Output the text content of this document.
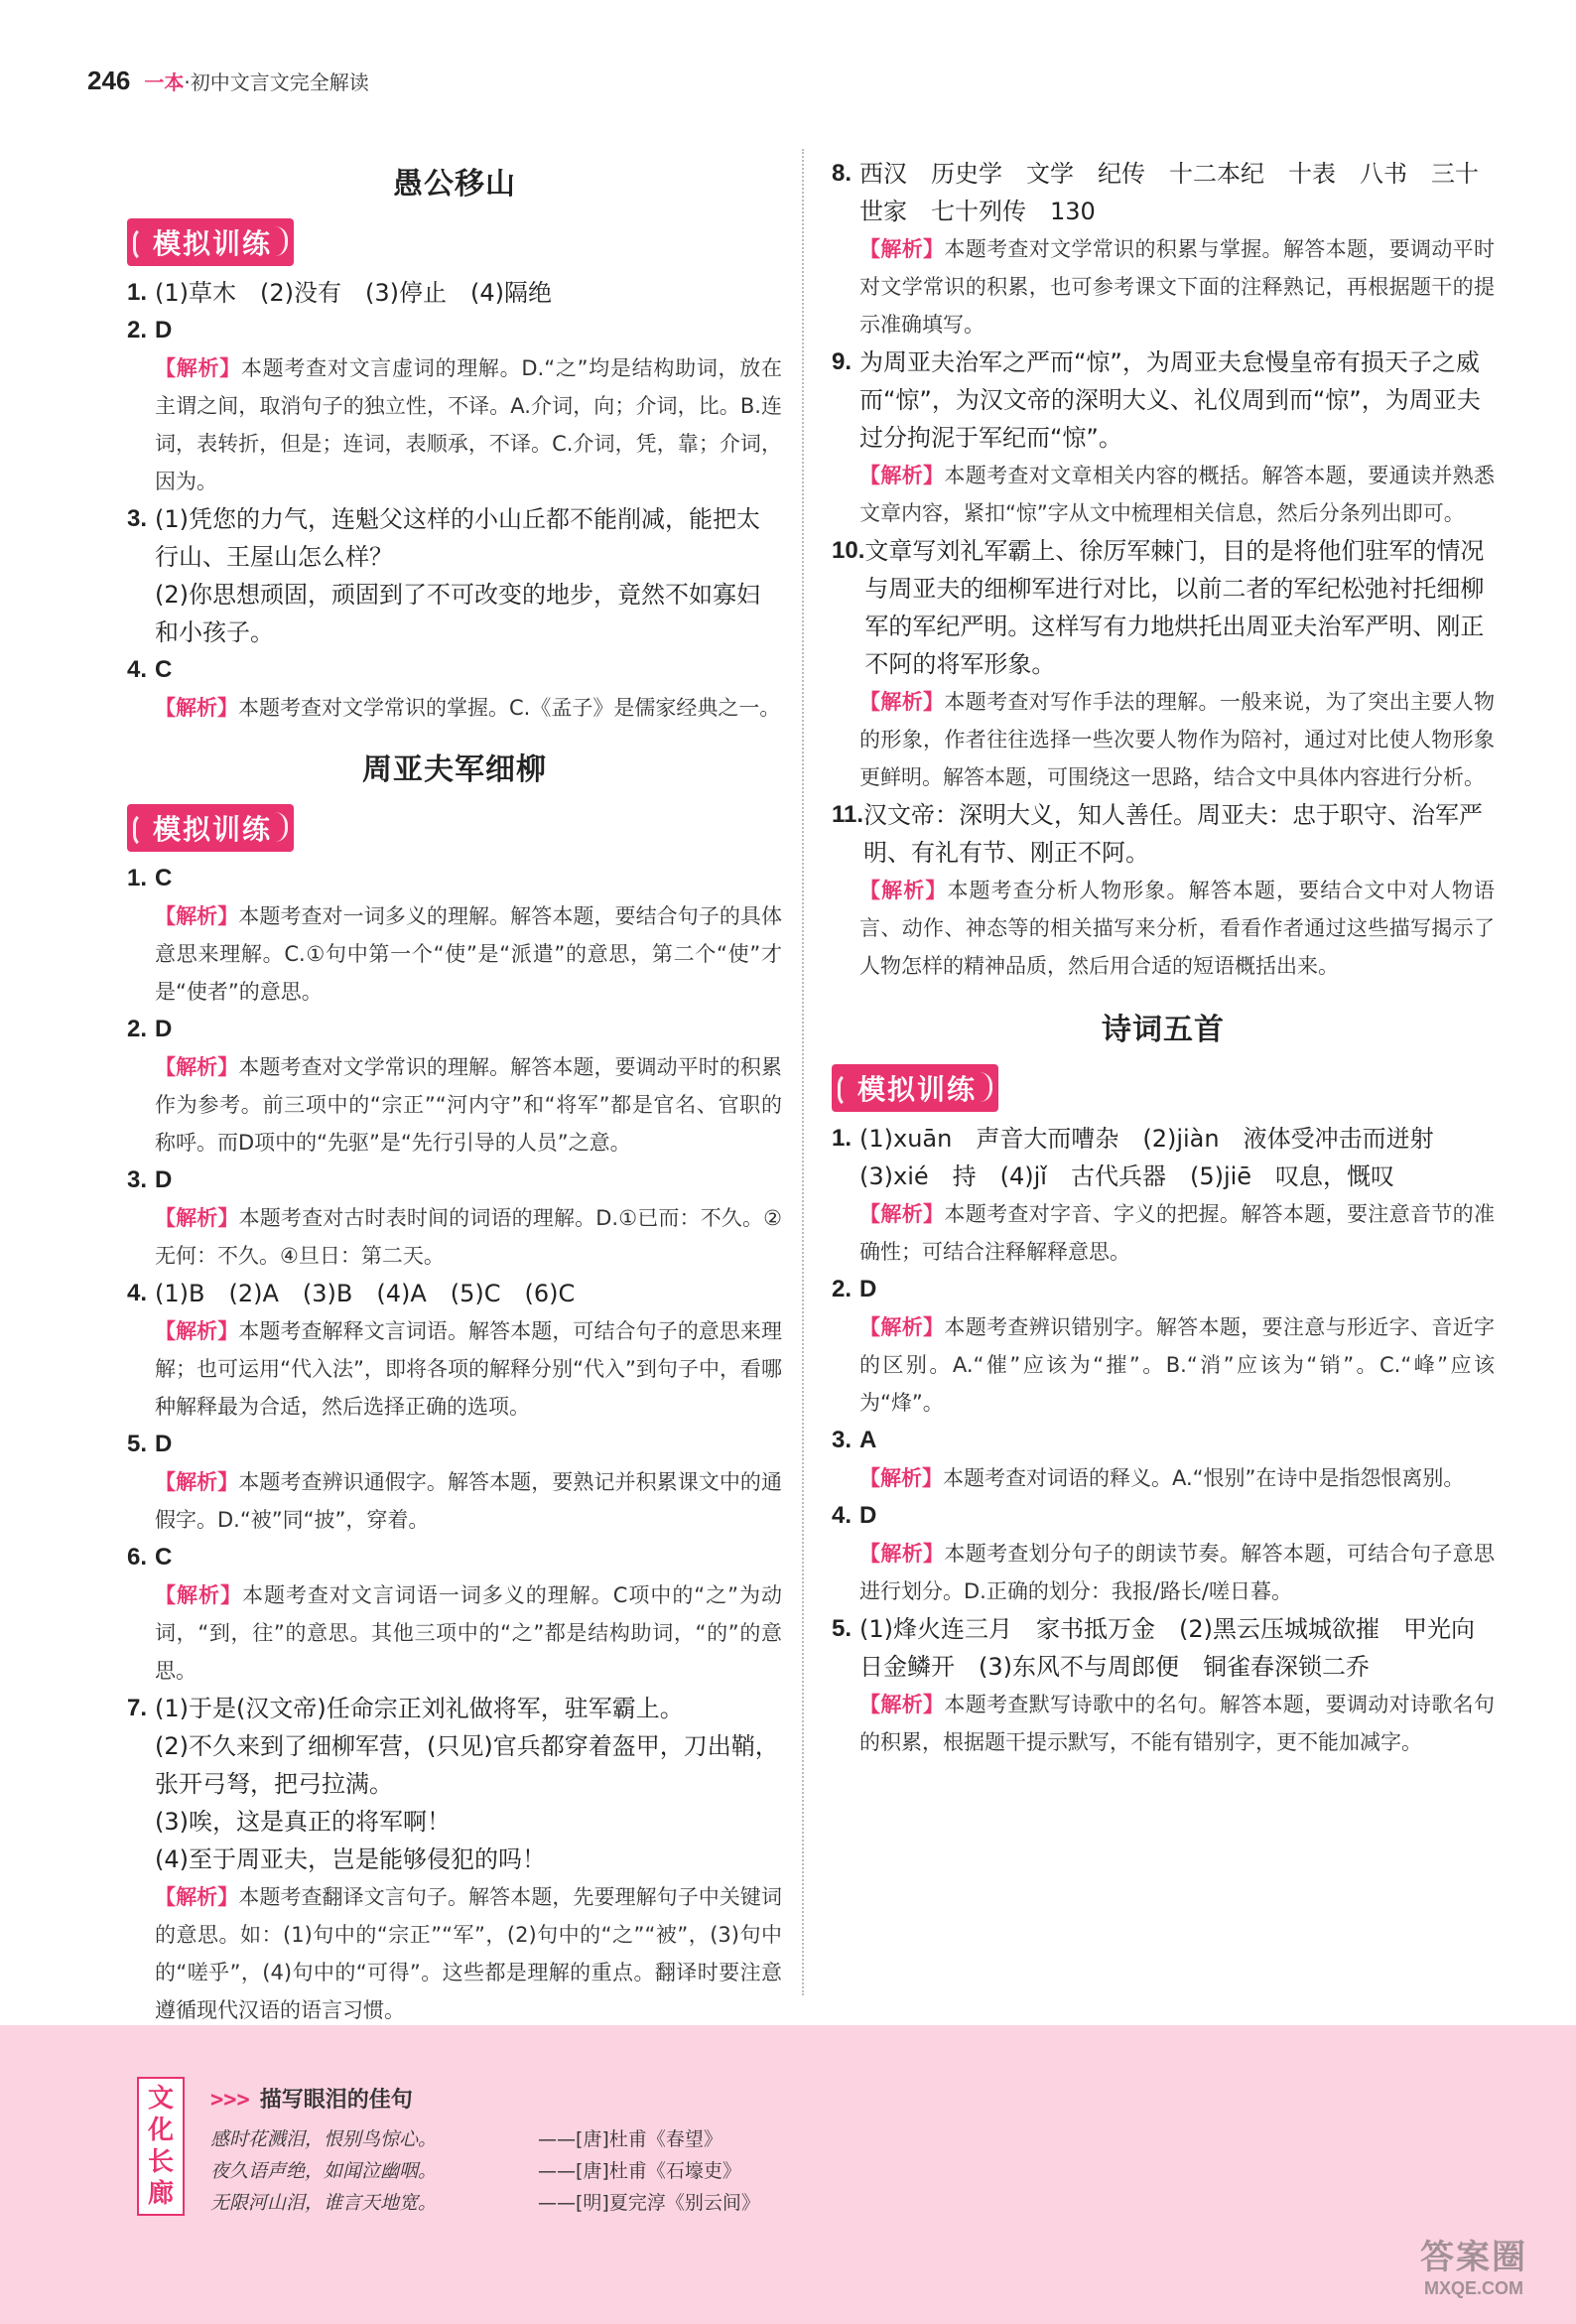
246 一本·初中文言文完全解读
愚公移山
模拟训练
1. (1)草木　(2)没有　(3)停止　(4)隔绝
2. D
【解析】本题考查对文言虚词的理解。D.“之”均是结构助词，放在主谓之间，取消句子的独立性，不译。A.介词，向；介词，比。B.连词，表转折，但是；连词，表顺承，不译。C.介词，凭，靠；介词，因为。
3. (1)凭您的力气，连魁父这样的小山丘都不能削减，能把太行山、王屋山怎么样？
(2)你思想顽固，顽固到了不可改变的地步，竟然不如寡妇和小孩子。
4. C
【解析】本题考查对文学常识的掌握。C.《孟子》是儒家经典之一。
周亚夫军细柳
模拟训练
1. C
【解析】本题考查对一词多义的理解。解答本题，要结合句子的具体意思来理解。C.①句中第一个“使”是“派遣”的意思，第二个“使”才是“使者”的意思。
2. D
【解析】本题考查对文学常识的理解。解答本题，要调动平时的积累作为参考。前三项中的“宗正”“河内守”和“将军”都是官名、官职的称呼。而D项中的“先驱”是“先行引导的人员”之意。
3. D
【解析】本题考查对古时表时间的词语的理解。D.①已而：不久。②无何：不久。④旦日：第二天。
4. (1)B　(2)A　(3)B　(4)A　(5)C　(6)C
【解析】本题考查解释文言词语。解答本题，可结合句子的意思来理解；也可运用“代入法”，即将各项的解释分别“代入”到句子中，看哪种解释最为合适，然后选择正确的选项。
5. D
【解析】本题考查辨识通假字。解答本题，要熟记并积累课文中的通假字。D.“被”同“披”，穿着。
6. C
【解析】本题考查对文言词语一词多义的理解。C项中的“之”为动词，“到，往”的意思。其他三项中的“之”都是结构助词，“的”的意思。
7. (1)于是(汉文帝)任命宗正刘礼做将军，驻军霸上。
(2)不久来到了细柳军营，(只见)官兵都穿着盔甲，刀出鞘，张开弓弩，把弓拉满。
(3)唉，这是真正的将军啊！
(4)至于周亚夫，岂是能够侵犯的吗！
【解析】本题考查翻译文言句子。解答本题，先要理解句子中关键词的意思。如：(1)句中的“宗正”“军”，(2)句中的“之”“被”，(3)句中的“嗟乎”，(4)句中的“可得”。这些都是理解的重点。翻译时要注意遵循现代汉语的语言习惯。
8. 西汉　历史学　文学　纪传　十二本纪　十表　八书　三十世家　七十列传　130
【解析】本题考查对文学常识的积累与掌握。解答本题，要调动平时对文学常识的积累，也可参考课文下面的注释熟记，再根据题干的提示准确填写。
9. 为周亚夫治军之严而“惊”，为周亚夫怠慢皇帝有损天子之威而“惊”，为汉文帝的深明大义、礼仪周到而“惊”，为周亚夫过分拘泥于军纪而“惊”。
【解析】本题考查对文章相关内容的概括。解答本题，要通读并熟悉文章内容，紧扣“惊”字从文中梳理相关信息，然后分条列出即可。
10. 文章写刘礼军霸上、徐厉军棘门，目的是将他们驻军的情况与周亚夫的细柳军进行对比，以前二者的军纪松弛衬托细柳军的军纪严明。这样写有力地烘托出周亚夫治军严明、刚正不阿的将军形象。
【解析】本题考查对写作手法的理解。一般来说，为了突出主要人物的形象，作者往往选择一些次要人物作为陪衬，通过对比使人物形象更鲜明。解答本题，可围绕这一思路，结合文中具体内容进行分析。
11. 汉文帝：深明大义，知人善任。周亚夫：忠于职守、治军严明、有礼有节、刚正不阿。
【解析】本题考查分析人物形象。解答本题，要结合文中对人物语言、动作、神态等的相关描写来分析，看看作者通过这些描写揭示了人物怎样的精神品质，然后用合适的短语概括出来。
诗词五首
模拟训练
1. (1)xuān　声音大而嘈杂　(2)jiàn　液体受冲击而迸射
(3)xié　持　(4)jǐ　古代兵器　(5)jiē　叹息，慨叹
【解析】本题考查对字音、字义的把握。解答本题，要注意音节的准确性；可结合注释解释意思。
2. D
【解析】本题考查辨识错别字。解答本题，要注意与形近字、音近字的区别。A.“催”应该为“摧”。B.“消”应该为“销”。C.“峰”应该为“烽”。
3. A
【解析】本题考查对词语的释义。A.“恨别”在诗中是指怨恨离别。
4. D
【解析】本题考查划分句子的朗读节奏。解答本题，可结合句子意思进行划分。D.正确的划分：我报/路长/嗟日暮。
5. (1)烽火连三月　家书抵万金　(2)黑云压城城欲摧　甲光向日金鳞开　(3)东风不与周郎便　铜雀春深锁二乔
【解析】本题考查默写诗歌中的名句。解答本题，要调动对诗歌名句的积累，根据题干提示默写，不能有错别字，更不能加减字。
文
化
长
廊
>>> 描写眼泪的佳句
感时花溅泪，恨别鸟惊心。	——[唐]杜甫《春望》
夜久语声绝，如闻泣幽咽。	——[唐]杜甫《石壕吏》
无限河山泪，谁言天地宽。	——[明]夏完淳《别云间》
答案圈
MXQE.COM
